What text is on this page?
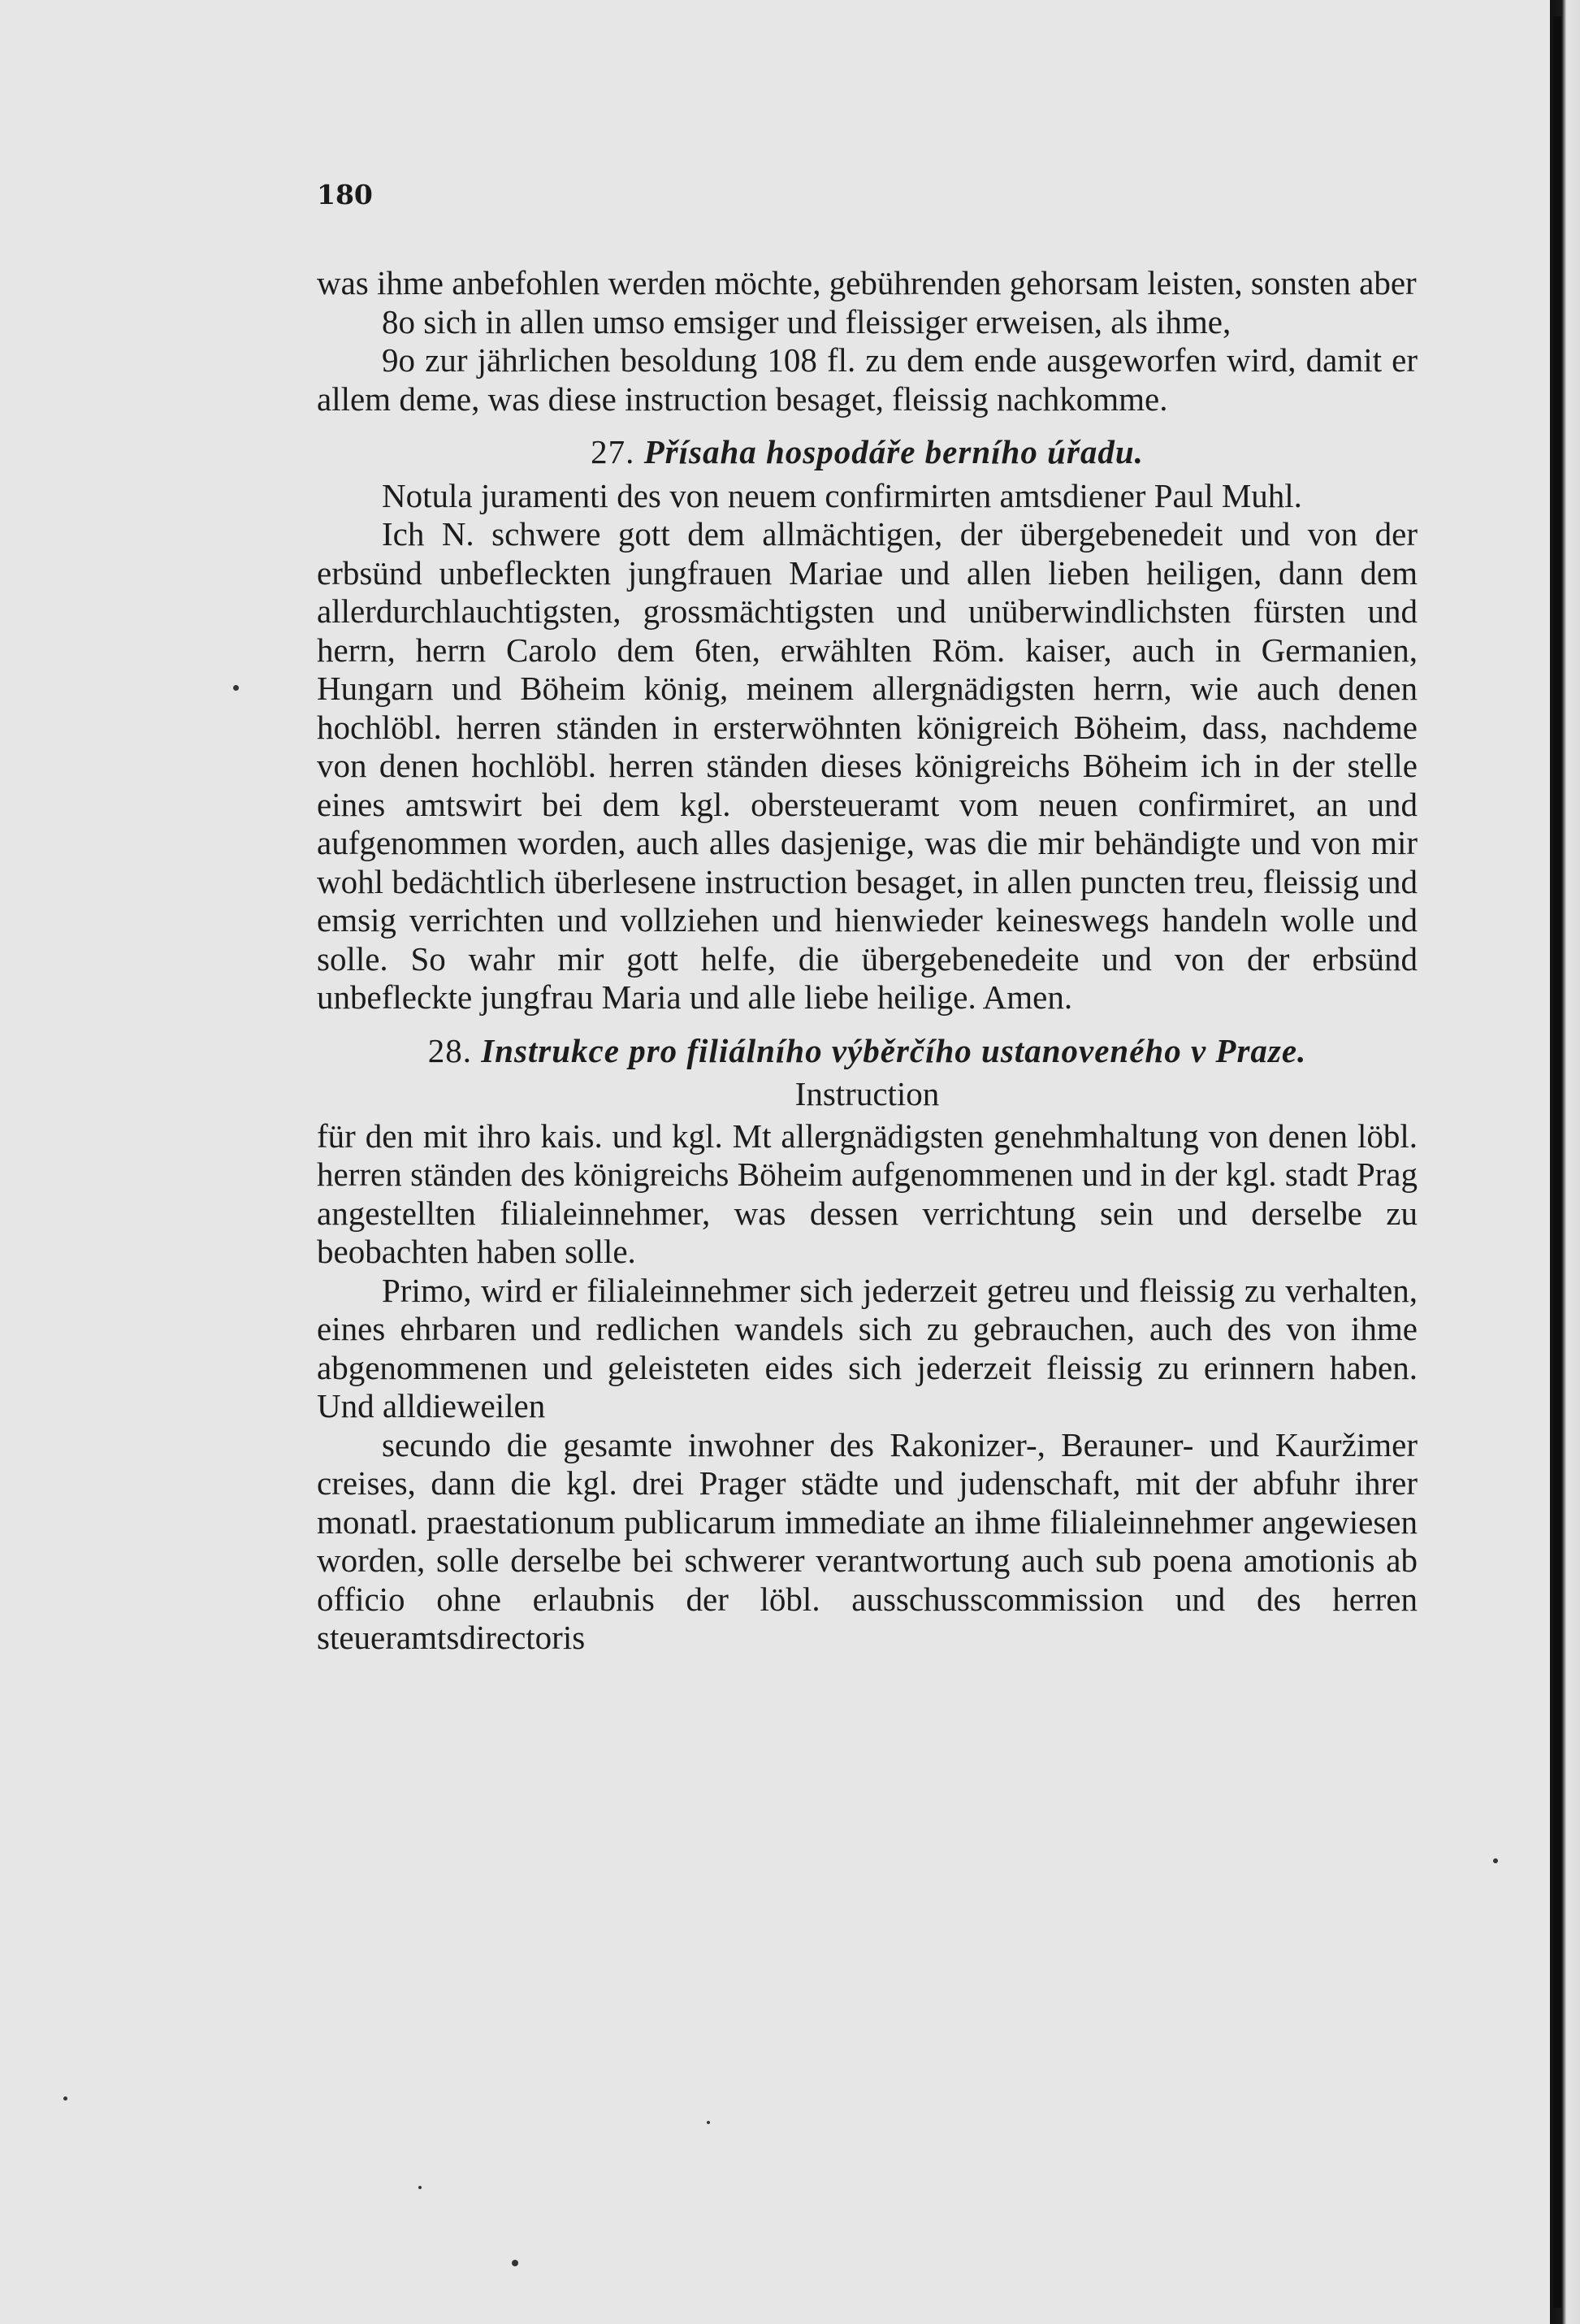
180

was ihme anbefohlen werden möchte, gebührenden gehorsam leisten, sonsten aber

8o sich in allen umso emsiger und fleissiger erweisen, als ihme,

9o zur jährlichen besoldung 108 fl. zu dem ende ausgeworfen wird, damit er allem deme, was diese instruction besaget, fleissig nachkomme.

27. Přísaha hospodáře berního úřadu.

Notula juramenti des von neuem confirmirten amtsdiener Paul Muhl.

Ich N. schwere gott dem allmächtigen, der übergebenedeit und von der erbsünd unbefleckten jungfrauen Mariae und allen lieben heiligen, dann dem allerdurchlauchtigsten, grossmächtigsten und unüberwindlichsten fürsten und herrn, herrn Carolo dem 6ten, erwählten Röm. kaiser, auch in Germanien, Hungarn und Böheim könig, meinem allergnädigsten herrn, wie auch denen hochlöbl. herren ständen in ersterwöhnten königreich Böheim, dass, nachdeme von denen hochlöbl. herren ständen dieses königreichs Böheim ich in der stelle eines amtswirt bei dem kgl. obersteueramt vom neuen confirmiret, an und aufgenommen worden, auch alles dasjenige, was die mir behändigte und von mir wohl bedächtlich überlesene instruction besaget, in allen puncten treu, fleissig und emsig verrichten und vollziehen und hienwieder keineswegs handeln wolle und solle. So wahr mir gott helfe, die übergebenedeite und von der erbsünd unbefleckte jungfrau Maria und alle liebe heilige. Amen.

28. Instrukce pro filiálního výběrčího ustanoveného v Praze.

Instruction

für den mit ihro kais. und kgl. Mt allergnädigsten genehmhaltung von denen löbl. herren ständen des königreichs Böheim aufgenommenen und in der kgl. stadt Prag angestellten filialeinnehmer, was dessen verrichtung sein und derselbe zu beobachten haben solle.

Primo, wird er filialeinnehmer sich jederzeit getreu und fleissig zu verhalten, eines ehrbaren und redlichen wandels sich zu gebrauchen, auch des von ihme abgenommenen und geleisteten eides sich jederzeit fleissig zu erinnern haben. Und alldieweilen

secundo die gesamte inwohner des Rakonizer-, Berauner- und Kauržimer creises, dann die kgl. drei Prager städte und judenschaft, mit der abfuhr ihrer monatl. praestationum publicarum immediate an ihme filialeinnehmer angewiesen worden, solle derselbe bei schwerer verantwortung auch sub poena amotionis ab officio ohne erlaubnis der löbl. ausschusscommission und des herren steueramtsdirectoris
